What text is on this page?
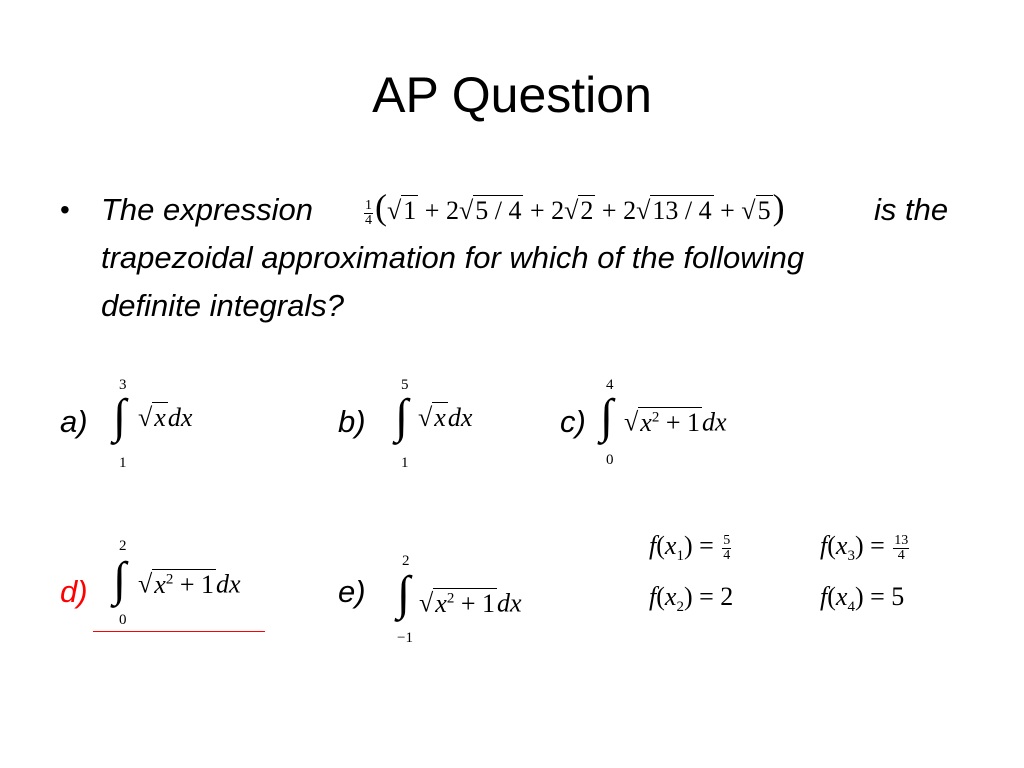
AP Question
• The expression	$\frac{1}{4} (√1 + 2√5 / 4 + 2√2 + 2√13 / 4 + √5)$	is the
trapezoidal approximation for which of the following
definite integrals?
a)
3
∫
1
√xdx	b)
5
∫
1
√xdx	c)
4
∫
0
$√x^2 + 1dx$
d)
2
∫
0
$√x^2 + 1dx$	e)
2
∫
−1
$√x^2 + 1dx$
$f(x_1) = \frac{5}{4}$	$f(x_3) = \frac{13}{4}$
$f(x_2) = 2$	$f(x_4) = 5$
